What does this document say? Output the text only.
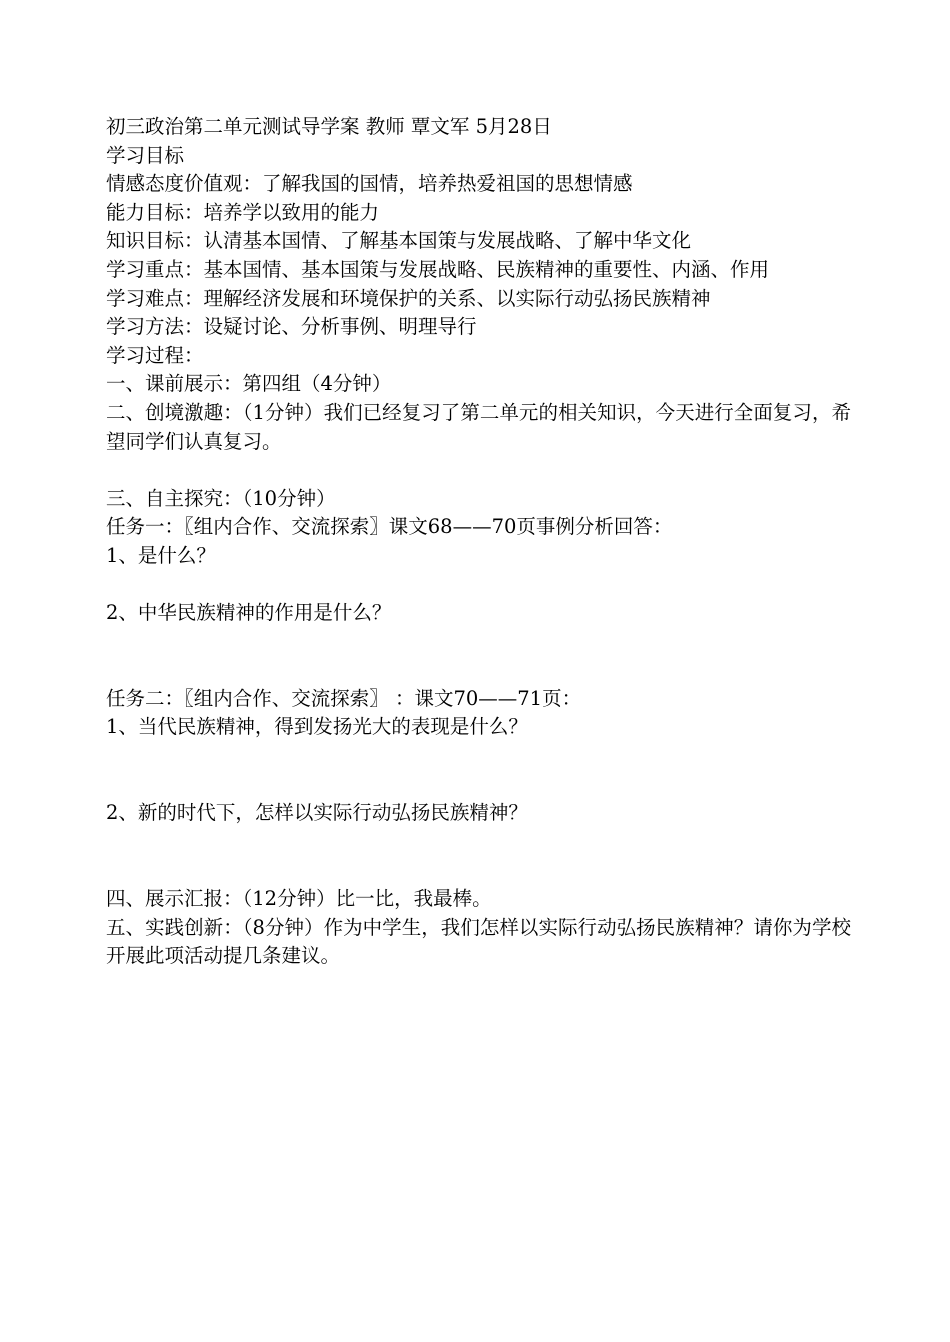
初三政治第二单元测试导学案 教师 覃文军 5月28日
学习目标
情感态度价值观：了解我国的国情，培养热爱祖国的思想情感
能力目标：培养学以致用的能力
知识目标：认清基本国情、了解基本国策与发展战略、了解中华文化
学习重点：基本国情、基本国策与发展战略、民族精神的重要性、内涵、作用
学习难点：理解经济发展和环境保护的关系、以实际行动弘扬民族精神
学习方法：设疑讨论、分析事例、明理导行
学习过程：
一、课前展示：第四组（4分钟）
二、创境激趣：（1分钟）我们已经复习了第二单元的相关知识，今天进行全面复习，希望同学们认真复习。
三、自主探究：（10分钟）
任务一：〖组内合作、交流探索〗课文68——70页事例分析回答：
1、是什么？
2、中华民族精神的作用是什么？
任务二：〖组内合作、交流探索〗 ：课文70——71页：
1、当代民族精神，得到发扬光大的表现是什么？
2、新的时代下，怎样以实际行动弘扬民族精神？
四、展示汇报：（12分钟）比一比，我最棒。
五、实践创新：（8分钟）作为中学生，我们怎样以实际行动弘扬民族精神？请你为学校开展此项活动提几条建议。
